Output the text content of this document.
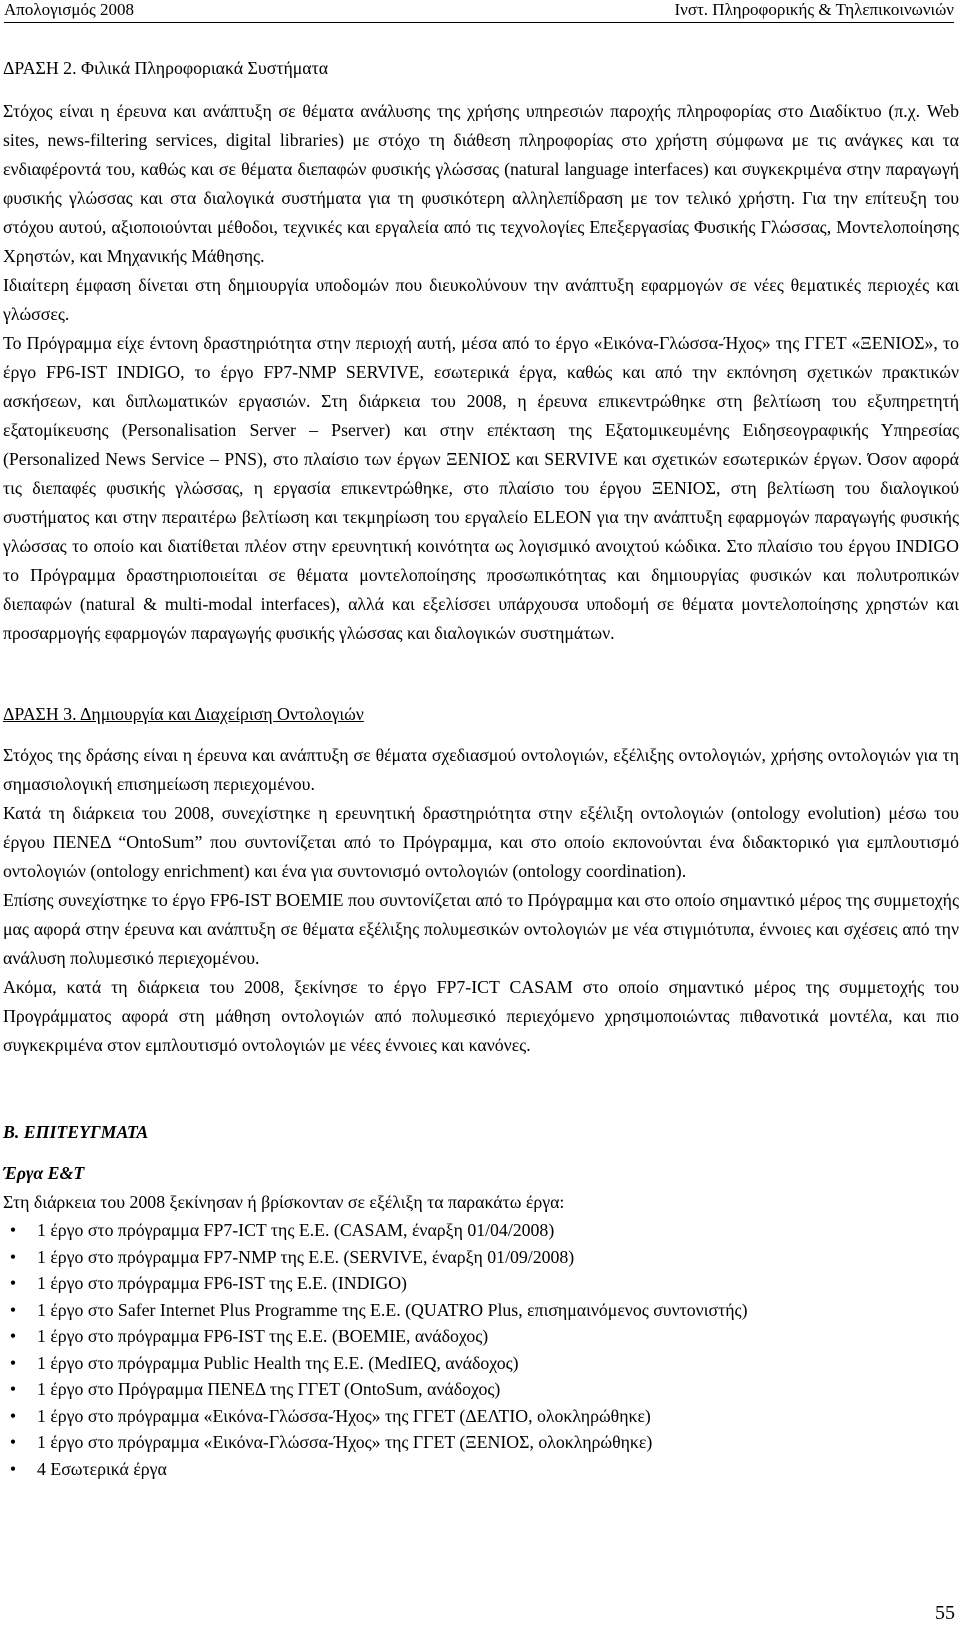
Απολογισμός 2008	Ινστ. Πληροφορικής & Τηλεπικοινωνιών
ΔΡΑΣΗ 2. Φιλικά Πληροφοριακά Συστήματα

Στόχος είναι η έρευνα και ανάπτυξη σε θέματα ανάλυσης της χρήσης υπηρεσιών παροχής πληροφορίας στο Διαδίκτυο (π.χ. Web sites, news-filtering services, digital libraries) με στόχο τη διάθεση πληροφορίας στο χρήστη σύμφωνα με τις ανάγκες και τα ενδιαφέροντά του, καθώς και σε θέματα διεπαφών φυσικής γλώσσας (natural language interfaces) και συγκεκριμένα στην παραγωγή φυσικής γλώσσας και στα διαλογικά συστήματα για τη φυσικότερη αλληλεπίδραση με τον τελικό χρήστη. Για την επίτευξη του στόχου αυτού, αξιοποιούνται μέθοδοι, τεχνικές και εργαλεία από τις τεχνολογίες Επεξεργασίας Φυσικής Γλώσσας, Μοντελοποίησης Χρηστών, και Μηχανικής Μάθησης.

Ιδιαίτερη έμφαση δίνεται στη δημιουργία υποδομών που διευκολύνουν την ανάπτυξη εφαρμογών σε νέες θεματικές περιοχές και γλώσσες.

Το Πρόγραμμα είχε έντονη δραστηριότητα στην περιοχή αυτή, μέσα από το έργο «Εικόνα-Γλώσσα-Ήχος» της ΓΓΕΤ «ΞΕΝΙΟΣ», το έργο FP6-IST INDIGO, το έργο FP7-NMP SERVIVE, εσωτερικά έργα, καθώς και από την εκπόνηση σχετικών πρακτικών ασκήσεων, και διπλωματικών εργασιών. Στη διάρκεια του 2008, η έρευνα επικεντρώθηκε στη βελτίωση του εξυπηρετητή εξατομίκευσης (Personalisation Server – Pserver) και στην επέκταση της Εξατομικευμένης Ειδησεογραφικής Υπηρεσίας (Personalized News Service – PNS), στο πλαίσιο των έργων ΞΕΝΙΟΣ και SERVIVE και σχετικών εσωτερικών έργων. Όσον αφορά τις διεπαφές φυσικής γλώσσας, η εργασία επικεντρώθηκε, στο πλαίσιο του έργου ΞΕΝΙΟΣ, στη βελτίωση του διαλογικού συστήματος και στην περαιτέρω βελτίωση και τεκμηρίωση του εργαλείο ELEON για την ανάπτυξη εφαρμογών παραγωγής φυσικής γλώσσας το οποίο και διατίθεται πλέον στην ερευνητική κοινότητα ως λογισμικό ανοιχτού κώδικα. Στο πλαίσιο του έργου INDIGO το Πρόγραμμα δραστηριοποιείται σε θέματα μοντελοποίησης προσωπικότητας και δημιουργίας φυσικών και πολυτροπικών διεπαφών (natural & multi-modal interfaces), αλλά και εξελίσσει υπάρχουσα υποδομή σε θέματα μοντελοποίησης χρηστών και προσαρμογής εφαρμογών παραγωγής φυσικής γλώσσας και διαλογικών συστημάτων.

ΔΡΑΣΗ 3. Δημιουργία και Διαχείριση Οντολογιών

Στόχος της δράσης είναι η έρευνα και ανάπτυξη σε θέματα σχεδιασμού οντολογιών, εξέλιξης οντολογιών, χρήσης οντολογιών για τη σημασιολογική επισημείωση περιεχομένου.

Κατά τη διάρκεια του 2008, συνεχίστηκε η ερευνητική δραστηριότητα στην εξέλιξη οντολογιών (ontology evolution) μέσω του έργου ΠΕΝΕΔ “OntoSum” που συντονίζεται από το Πρόγραμμα, και στο οποίο εκπονούνται ένα διδακτορικό για εμπλουτισμό οντολογιών (ontology enrichment) και ένα για συντονισμό οντολογιών (ontology coordination).

Επίσης συνεχίστηκε το έργο FP6-IST BOEMIE που συντονίζεται από το Πρόγραμμα και στο οποίο σημαντικό μέρος της συμμετοχής μας αφορά στην έρευνα και ανάπτυξη σε θέματα εξέλιξης πολυμεσικών οντολογιών με νέα στιγμιότυπα, έννοιες και σχέσεις από την ανάλυση πολυμεσικό περιεχομένου.

Ακόμα, κατά τη διάρκεια του 2008, ξεκίνησε το έργο FP7-ICT CASAM στο οποίο σημαντικό μέρος της συμμετοχής του Προγράμματος αφορά στη μάθηση οντολογιών από πολυμεσικό περιεχόμενο χρησιμοποιώντας πιθανοτικά μοντέλα, και πιο συγκεκριμένα στον εμπλουτισμό οντολογιών με νέες έννοιες και κανόνες.

Β. ΕΠΙΤΕΥΓΜΑΤΑ
Έργα Ε&Τ
Στη διάρκεια του 2008 ξεκίνησαν ή βρίσκονταν σε εξέλιξη τα παρακάτω έργα:
•	1 έργο στο πρόγραμμα FP7-ICT της Ε.Ε. (CASAM, έναρξη 01/04/2008)
•	1 έργο στο πρόγραμμα FP7-NMP της Ε.Ε. (SERVIVE, έναρξη 01/09/2008)
•	1 έργο στο πρόγραμμα FP6-IST της Ε.Ε. (INDIGO)
•	1 έργο στο Safer Internet Plus Programme της Ε.Ε. (QUATRO Plus, επισημαινόμενος συντονιστής)
•	1 έργο στο πρόγραμμα FP6-IST της Ε.Ε. (BOEMIE, ανάδοχος)
•	1 έργο στο πρόγραμμα Public Health της Ε.Ε. (MedIEQ, ανάδοχος)
•	1 έργο στο Πρόγραμμα ΠΕΝΕΔ της ΓΓΕΤ (OntoSum, ανάδοχος)
•	1 έργο στο πρόγραμμα «Εικόνα-Γλώσσα-Ήχος» της ΓΓΕΤ (ΔΕΛΤΙΟ, ολοκληρώθηκε)
•	1 έργο στο πρόγραμμα «Εικόνα-Γλώσσα-Ήχος» της ΓΓΕΤ (ΞΕΝΙΟΣ, ολοκληρώθηκε)
•	4 Εσωτερικά έργα
55
